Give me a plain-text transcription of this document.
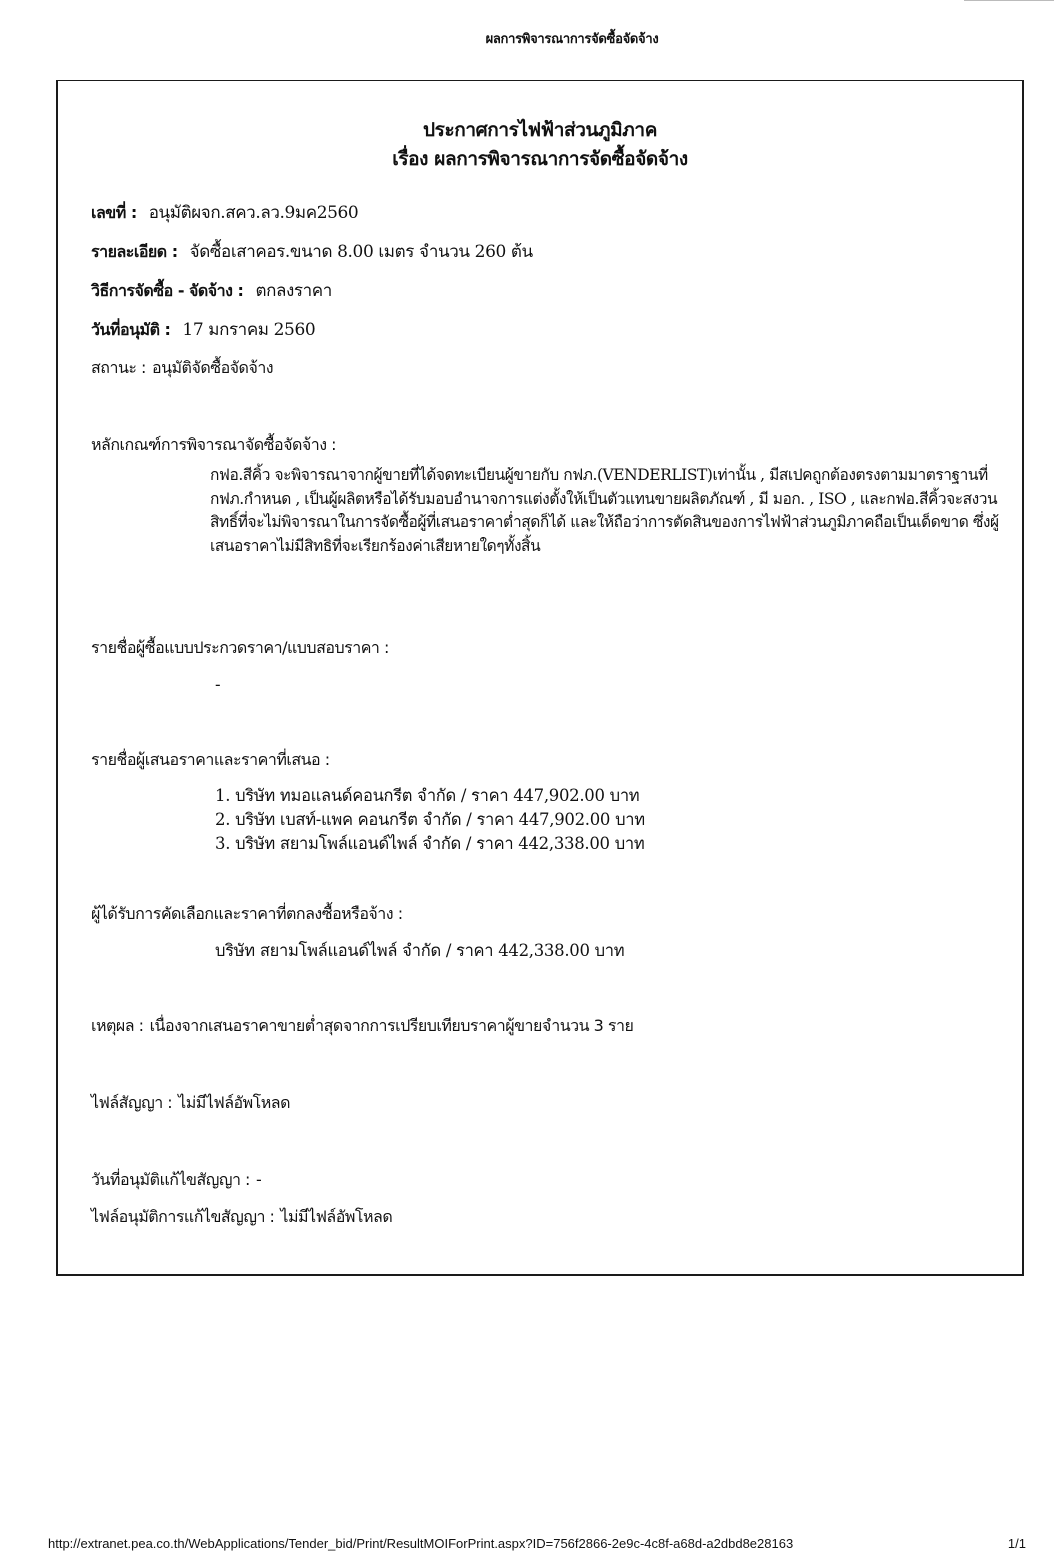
ผลการพิจารณาการจัดซื้อจัดจ้าง
ประกาศการไฟฟ้าส่วนภูมิภาค
เรื่อง ผลการพิจารณาการจัดซื้อจัดจ้าง
เลขที่ : อนุมัติผจก.สคว.ลว.9มค2560
รายละเอียด : จัดซื้อเสาคอร.ขนาด 8.00 เมตร จำนวน 260 ต้น
วิธีการจัดซื้อ - จัดจ้าง : ตกลงราคา
วันที่อนุมัติ : 17 มกราคม 2560
สถานะ : อนุมัติจัดซื้อจัดจ้าง
หลักเกณฑ์การพิจารณาจัดซื้อจัดจ้าง :
กฟอ.สีคิ้ว จะพิจารณาจากผู้ขายที่ได้จดทะเบียนผู้ขายกับ กฟภ.(VENDERLIST)เท่านั้น , มีสเปคถูกต้องตรงตามมาตราฐานที่ กฟภ.กำหนด , เป็นผู้ผลิตหรือได้รับมอบอำนาจการแต่งตั้งให้เป็นตัวแทนขายผลิตภัณฑ์ , มี มอก. , ISO , และกฟอ.สีคิ้วจะสงวนสิทธิ์ที่จะไม่พิจารณาในการจัดซื้อผู้ที่เสนอราคาต่ำสุดก็ได้ และให้ถือว่าการตัดสินของการไฟฟ้าส่วนภูมิภาคถือเป็นเด็ดขาด ซึ่งผู้เสนอราคาไม่มีสิทธิที่จะเรียกร้องค่าเสียหายใดๆทั้งสิ้น
รายชื่อผู้ซื้อแบบประกวดราคา/แบบสอบราคา :
-
รายชื่อผู้เสนอราคาและราคาที่เสนอ :
1. บริษัท ทมอแลนด์คอนกรีต จำกัด / ราคา 447,902.00 บาท
2. บริษัท เบสท์-แพค คอนกรีต จำกัด / ราคา 447,902.00 บาท
3. บริษัท สยามโพล์แอนด์ไพล์ จำกัด / ราคา 442,338.00 บาท
ผู้ได้รับการคัดเลือกและราคาที่ตกลงซื้อหรือจ้าง :
บริษัท สยามโพล์แอนด์ไพล์ จำกัด / ราคา 442,338.00 บาท
เหตุผล : เนื่องจากเสนอราคาขายต่ำสุดจากการเปรียบเทียบราคาผู้ขายจำนวน 3 ราย
ไฟล์สัญญา : ไม่มีไฟล์อัพโหลด
วันที่อนุมัติแก้ไขสัญญา : -
ไฟล์อนุมัติการแก้ไขสัญญา : ไม่มีไฟล์อัพโหลด
http://extranet.pea.co.th/WebApplications/Tender_bid/Print/ResultMOIForPrint.aspx?ID=756f2866-2e9c-4c8f-a68d-a2dbd8e28163	1/1
